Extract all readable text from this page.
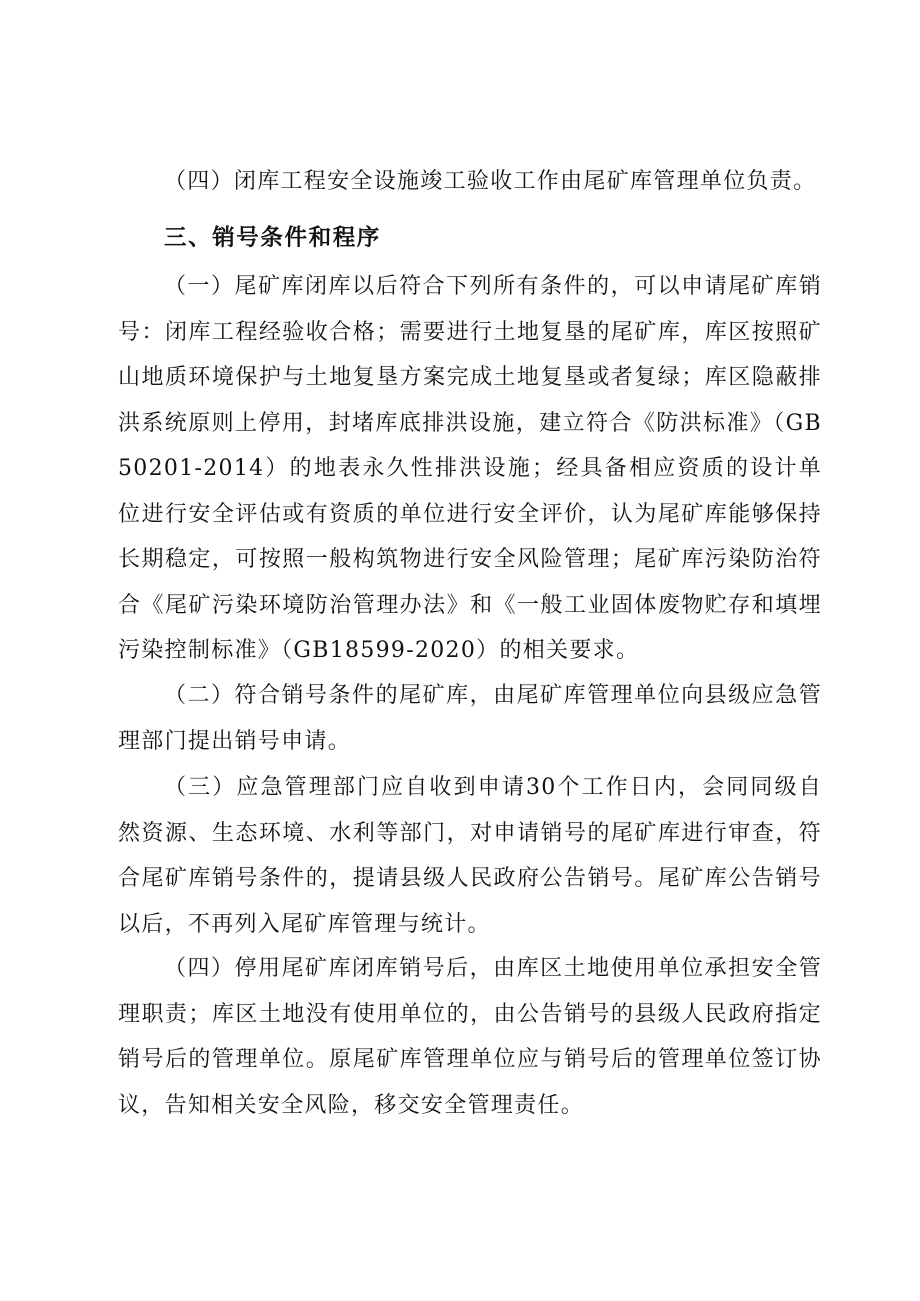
（四）闭库工程安全设施竣工验收工作由尾矿库管理单位负责。

三、销号条件和程序

（一）尾矿库闭库以后符合下列所有条件的，可以申请尾矿库销号：闭库工程经验收合格；需要进行土地复垦的尾矿库，库区按照矿山地质环境保护与土地复垦方案完成土地复垦或者复绿；库区隐蔽排洪系统原则上停用，封堵库底排洪设施，建立符合《防洪标准》（GB50201-2014）的地表永久性排洪设施；经具备相应资质的设计单位进行安全评估或有资质的单位进行安全评价，认为尾矿库能够保持长期稳定，可按照一般构筑物进行安全风险管理；尾矿库污染防治符合《尾矿污染环境防治管理办法》和《一般工业固体废物贮存和填埋污染控制标准》（GB18599-2020）的相关要求。

（二）符合销号条件的尾矿库，由尾矿库管理单位向县级应急管理部门提出销号申请。

（三）应急管理部门应自收到申请30个工作日内，会同同级自然资源、生态环境、水利等部门，对申请销号的尾矿库进行审查，符合尾矿库销号条件的，提请县级人民政府公告销号。尾矿库公告销号以后，不再列入尾矿库管理与统计。

（四）停用尾矿库闭库销号后，由库区土地使用单位承担安全管理职责；库区土地没有使用单位的，由公告销号的县级人民政府指定销号后的管理单位。原尾矿库管理单位应与销号后的管理单位签订协议，告知相关安全风险，移交安全管理责任。
